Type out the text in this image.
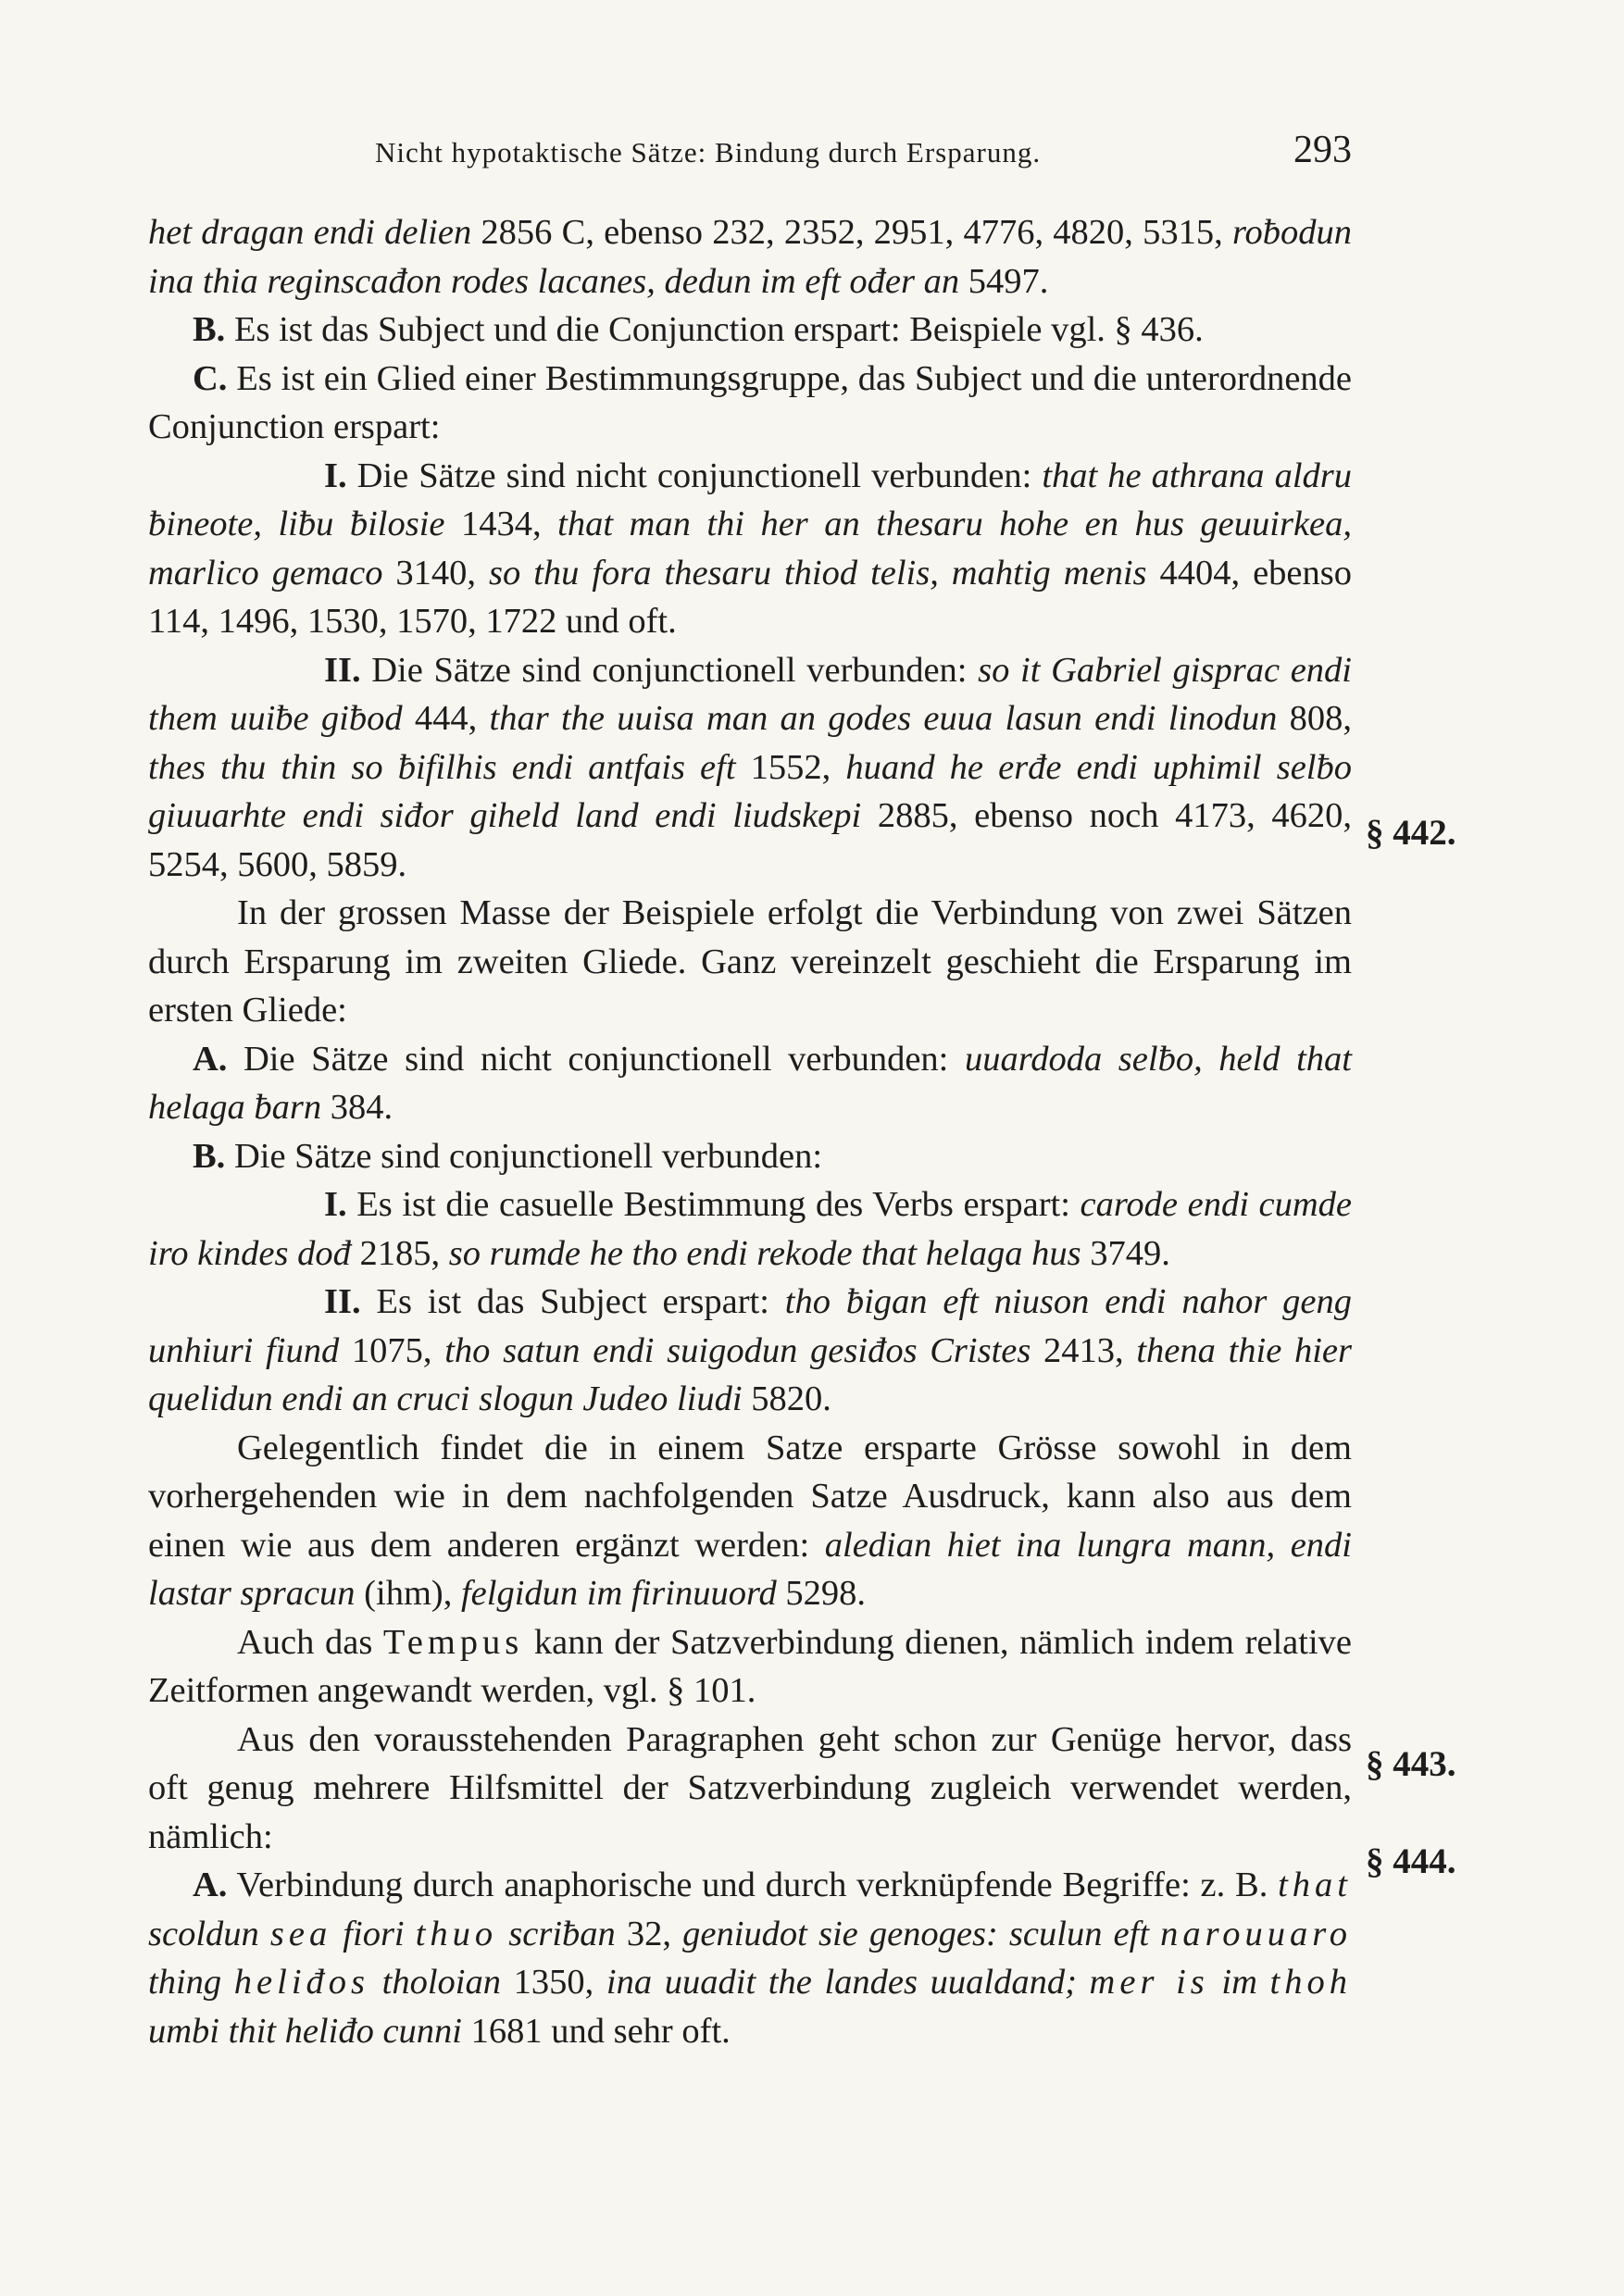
Nicht hypotaktische Sätze: Bindung durch Ersparung.	293
§ 442.
§ 443.
§ 444.

het dragan endi delien 2856 C, ebenso 232, 2352, 2951, 4776, 4820, 5315, roƀodun ina thia reginscađon rodes lacanes, dedun im eft ođer an 5497.

B. Es ist das Subject und die Conjunction erspart: Beispiele vgl. § 436.

C. Es ist ein Glied einer Bestimmungsgruppe, das Subject und die unterordnende Conjunction erspart:

I. Die Sätze sind nicht conjunctionell verbunden: that he athrana aldru ƀineote, liƀu ƀilosie 1434, that man thi her an thesaru hohe en hus geuuirkea, marlico gemaco 3140, so thu fora thesaru thiod telis, mahtig menis 4404, ebenso 114, 1496, 1530, 1570, 1722 und oft.

II. Die Sätze sind conjunctionell verbunden: so it Gabriel gisprac endi them uuiƀe giƀod 444, thar the uuisa man an godes euua lasun endi linodun 808, thes thu thin so ƀifilhis endi antfais eft 1552, huand he erđe endi uphimil selƀo giuuarhte endi siđor giheld land endi liudskepi 2885, ebenso noch 4173, 4620, 5254, 5600, 5859.

In der grossen Masse der Beispiele erfolgt die Verbindung von zwei Sätzen durch Ersparung im zweiten Gliede. Ganz vereinzelt geschieht die Ersparung im ersten Gliede:

A. Die Sätze sind nicht conjunctionell verbunden: uuardoda selƀo, held that helaga ƀarn 384.

B. Die Sätze sind conjunctionell verbunden:

I. Es ist die casuelle Bestimmung des Verbs erspart: carode endi cumde iro kindes dođ 2185, so rumde he tho endi rekode that helaga hus 3749.

II. Es ist das Subject erspart: tho ƀigan eft niuson endi nahor geng unhiuri fiund 1075, tho satun endi suigodun gesiđos Cristes 2413, thena thie hier quelidun endi an cruci slogun Judeo liudi 5820.

Gelegentlich findet die in einem Satze ersparte Grösse sowohl in dem vorhergehenden wie in dem nachfolgenden Satze Ausdruck, kann also aus dem einen wie aus dem anderen ergänzt werden: aledian hiet ina lungra mann, endi lastar spracun (ihm), felgidun im firinuuord 5298.

Auch das Tempus kann der Satzverbindung dienen, nämlich indem relative Zeitformen angewandt werden, vgl. § 101.

Aus den vorausstehenden Paragraphen geht schon zur Genüge hervor, dass oft genug mehrere Hilfsmittel der Satzverbindung zugleich verwendet werden, nämlich:

A. Verbindung durch anaphorische und durch verknüpfende Begriffe: z. B. that scoldun sea fiori thuo scriƀan 32, geniudot sie genoges: sculun eft narouuaro thing heliđos tholoian 1350, ina uuadit the landes uualdand; mer is im thoh umbi thit heliđo cunni 1681 und sehr oft.
